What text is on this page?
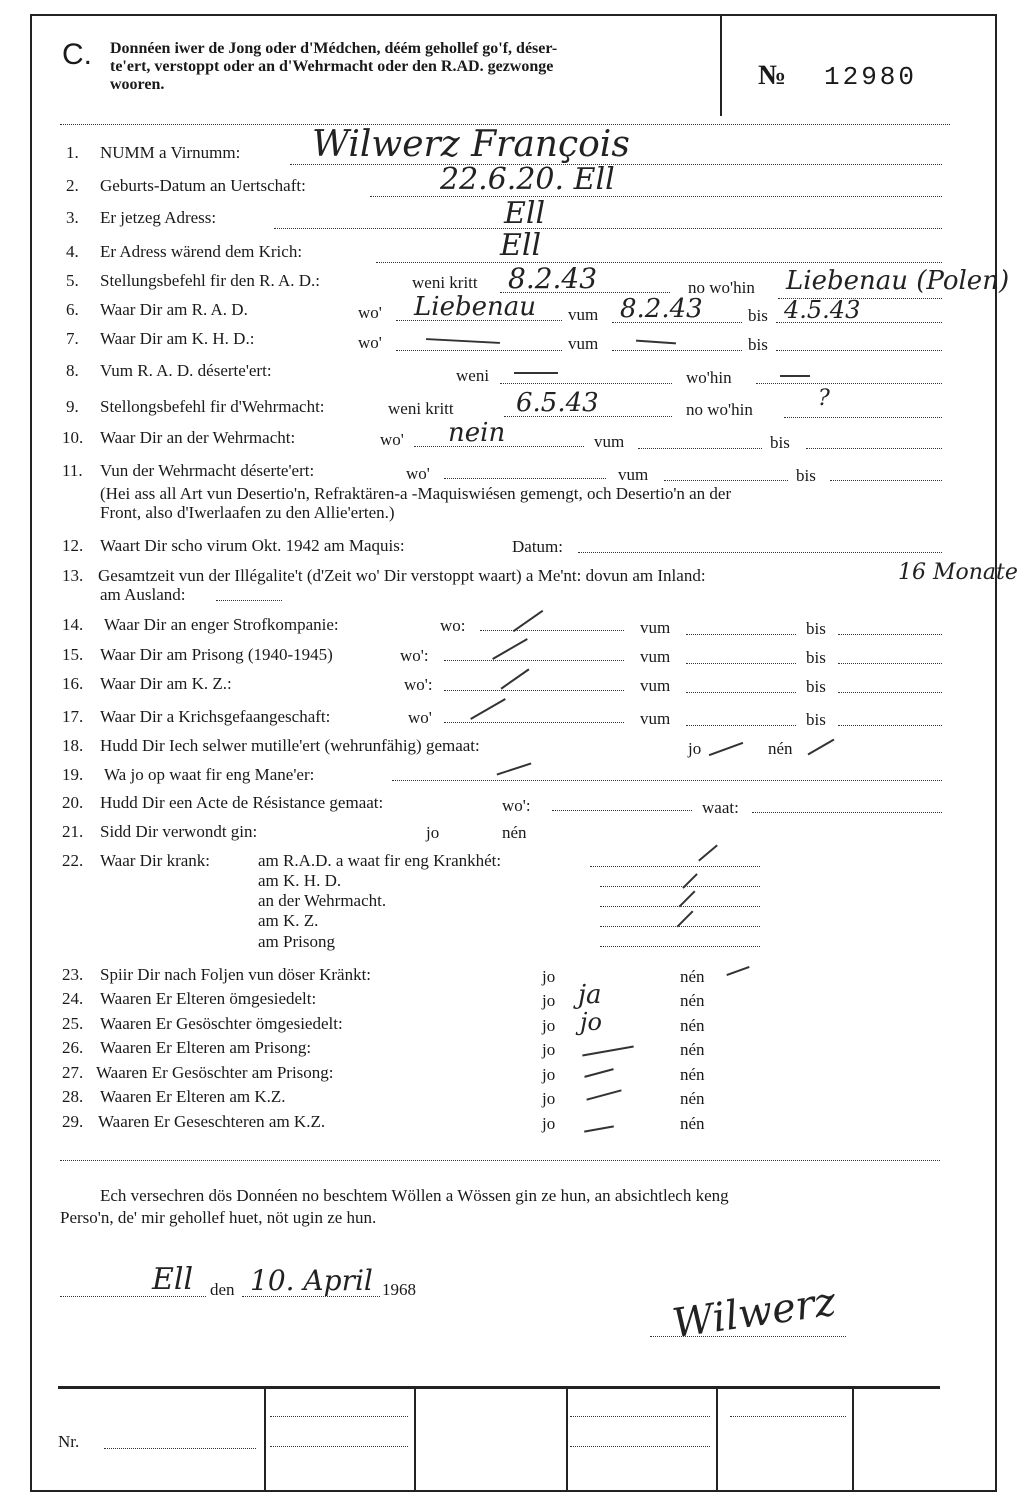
C. Donnéen iwer de Jong oder d'Médchen, déém gehollef go'f, déser-
te'ert, verstoppt oder an d'Wehrmacht oder den R.AD. gezwonge
wooren.	№ 12980
1. NUMM a Virnumm: Wilwerz François
2. Geburts-Datum an Uertschaft:	22.6.20. Ell
3. Er jetzeg Adress:	Ell
4. Er Adress wärend dem Krich:	Ell
5. Stellungsbefehl fir den R. A. D.:	weni kritt 8.2.43	no wo'hin Liebenau (Polen)
6. Waar Dir am R. A. D.	wo' Liebenau vum 8.2.43	bis 4.5.43
7. Waar Dir am K. H. D.:	wo'	vum	bis
8. Vum R. A. D. déserte'ert:	weni	wo'hin
9. Stellongsbefehl fir d'Wehrmacht:	weni kritt 6.5.43	no wo'hin	?
10. Waar Dir an der Wehrmacht:	wo' nein	vum	bis
11. Vun der Wehrmacht déserte'ert:	wo'	vum	bis
(Hei ass all Art vun Desertio'n, Refraktären-a -Maquiswiésen gemengt, och Desertio'n an der
Front, also d'Iwerlaafen zu den Allie'erten.)
12. Waart Dir scho virum Okt. 1942 am Maquis:	Datum:
13. Gesamtzeit vun der Illégalite't (d'Zeit wo' Dir verstoppt waart) a Me'nt: dovun am Inland:	16 Monate
am Ausland:
14. Waar Dir an enger Strofkompanie:	wo:	vum	bis
15. Waar Dir am Prisong (1940-1945)	wo':	vum	bis
16. Waar Dir am K. Z.:	wo':	vum	bis
17. Waar Dir a Krichsgefaangeschaft:	wo'	vum	bis
18. Hudd Dir Iech selwer mutille'ert (wehrunfähig) gemaat:	jo	nén
19. Wa jo op waat fir eng Mane'er:
20. Hudd Dir een Acte de Résistance gemaat:	wo':	waat:
21. Sidd Dir verwondt gin:	jo	nén
22. Waar Dir krank:	am R.A.D. a waat fir eng Krankhét:
am K. H. D.
an der Wehrmacht.
am K. Z.
am Prisong
23. Spiir Dir nach Foljen vun döser Kränkt:	jo	nén
24. Waaren Er Elteren ömgesiedelt:	jo ja	nén
25. Waaren Er Gesöschter ömgesiedelt:	jo jo	nén
26. Waaren Er Elteren am Prisong:	jo	nén
27. Waaren Er Gesöschter am Prisong:	jo	nén
28. Waaren Er Elteren am K.Z.	jo	nén
29. Waaren Er Geseschteren am K.Z.	jo	nén
Ech versechren dös Donnéen no beschtem Wöllen a Wössen gin ze hun, an absichtlech keng
Perso'n, de' mir gehollef huet, nöt ugin ze hun.
Ell den 10. April 1968	Wilwerz
Nr.
